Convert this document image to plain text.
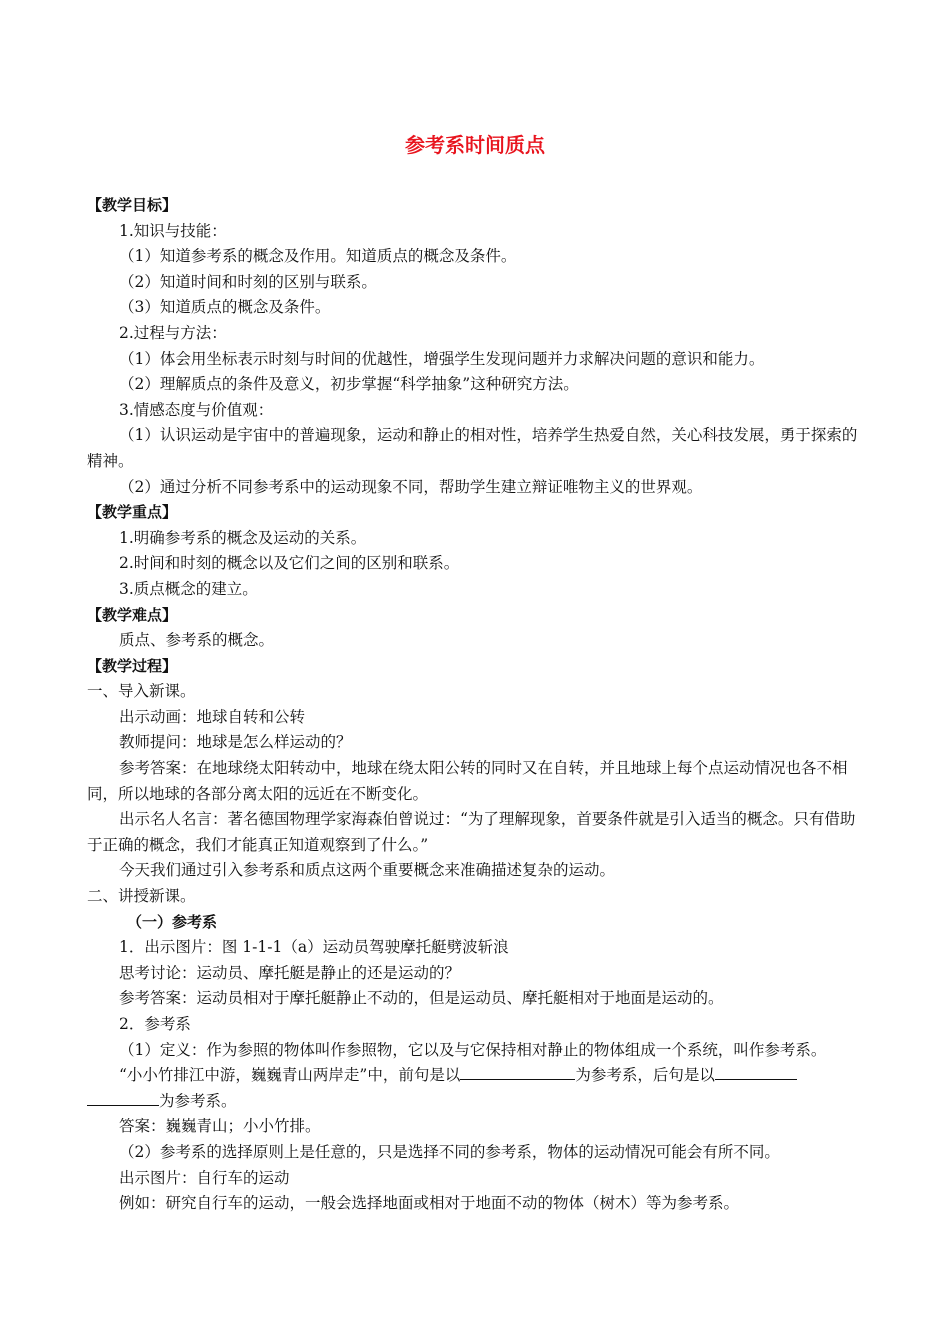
参考系时间质点
【教学目标】
1.知识与技能：
（1）知道参考系的概念及作用。知道质点的概念及条件。
（2）知道时间和时刻的区别与联系。
（3）知道质点的概念及条件。
2.过程与方法：
（1）体会用坐标表示时刻与时间的优越性，增强学生发现问题并力求解决问题的意识和能力。
（2）理解质点的条件及意义，初步掌握“科学抽象”这种研究方法。
3.情感态度与价值观：
（1）认识运动是宇宙中的普遍现象，运动和静止的相对性，培养学生热爱自然，关心科技发展，勇于探索的精神。
（2）通过分析不同参考系中的运动现象不同，帮助学生建立辩证唯物主义的世界观。
【教学重点】
1.明确参考系的概念及运动的关系。
2.时间和时刻的概念以及它们之间的区别和联系。
3.质点概念的建立。
【教学难点】
质点、参考系的概念。
【教学过程】
一、导入新课。
出示动画：地球自转和公转
教师提问：地球是怎么样运动的？
参考答案：在地球绕太阳转动中，地球在绕太阳公转的同时又在自转，并且地球上每个点运动情况也各不相同，所以地球的各部分离太阳的远近在不断变化。
出示名人名言：著名德国物理学家海森伯曾说过：“为了理解现象，首要条件就是引入适当的概念。只有借助于正确的概念，我们才能真正知道观察到了什么。”
今天我们通过引入参考系和质点这两个重要概念来准确描述复杂的运动。
二、讲授新课。
（一）参考系
1．出示图片：图 1-1-1（a）运动员驾驶摩托艇劈波斩浪
思考讨论：运动员、摩托艇是静止的还是运动的？
参考答案：运动员相对于摩托艇静止不动的，但是运动员、摩托艇相对于地面是运动的。
2．参考系
（1）定义：作为参照的物体叫作参照物，它以及与它保持相对静止的物体组成一个系统，叫作参考系。
“小小竹排江中游，巍巍青山两岸走”中，前句是以	为参考系，后句是以
为参考系。
答案：巍巍青山；小小竹排。
（2）参考系的选择原则上是任意的，只是选择不同的参考系，物体的运动情况可能会有所不同。
出示图片：自行车的运动
例如：研究自行车的运动，一般会选择地面或相对于地面不动的物体（树木）等为参考系。
